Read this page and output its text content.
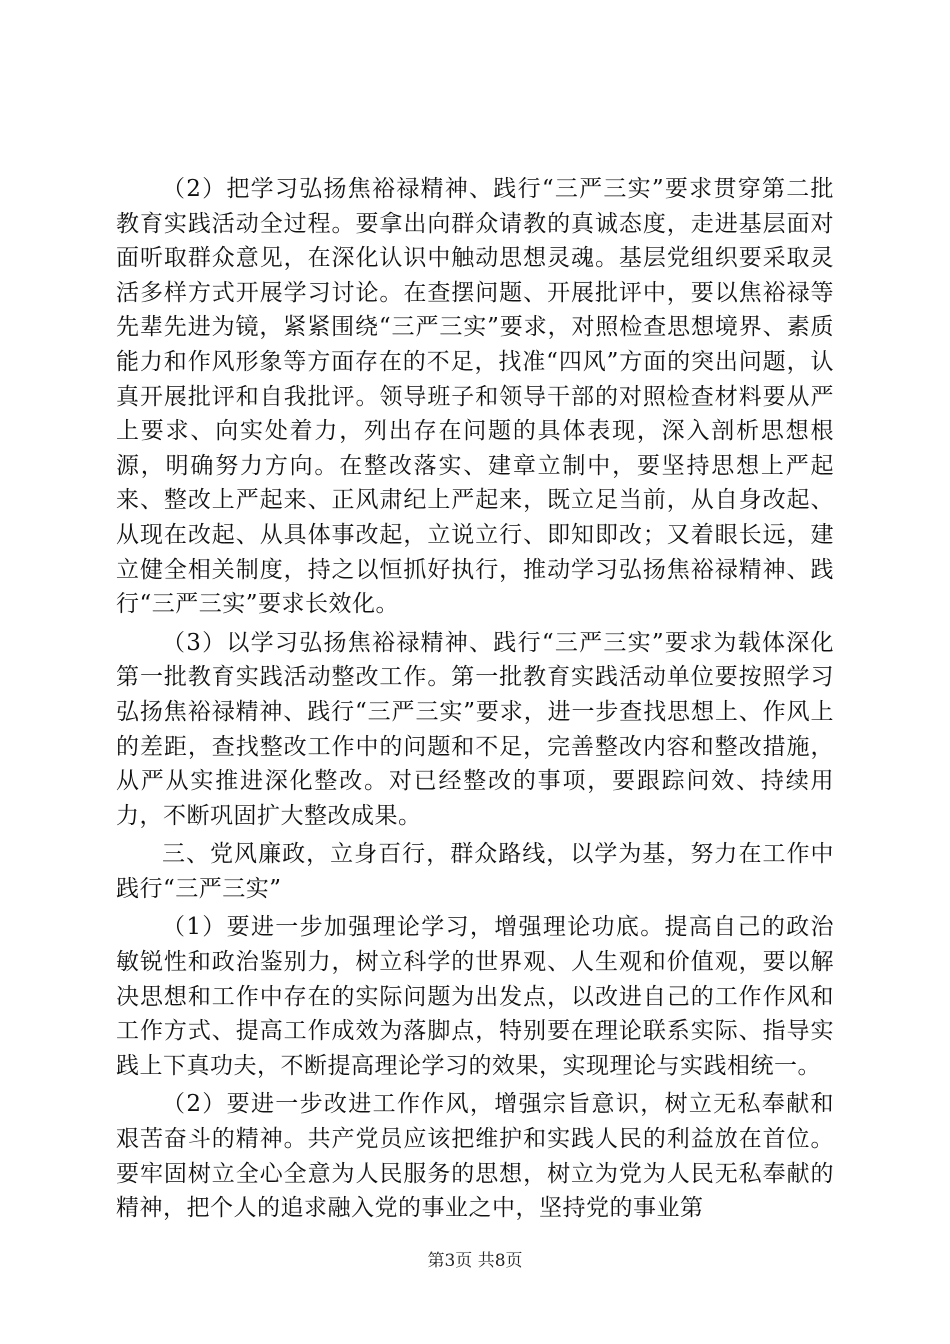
（2）把学习弘扬焦裕禄精神、践行“三严三实”要求贯穿第二批教育实践活动全过程。要拿出向群众请教的真诚态度，走进基层面对面听取群众意见，在深化认识中触动思想灵魂。基层党组织要采取灵活多样方式开展学习讨论。在查摆问题、开展批评中，要以焦裕禄等先辈先进为镜，紧紧围绕“三严三实”要求，对照检查思想境界、素质能力和作风形象等方面存在的不足，找准“四风”方面的突出问题，认真开展批评和自我批评。领导班子和领导干部的对照检查材料要从严上要求、向实处着力，列出存在问题的具体表现，深入剖析思想根源，明确努力方向。在整改落实、建章立制中，要坚持思想上严起来、整改上严起来、正风肃纪上严起来，既立足当前，从自身改起、从现在改起、从具体事改起，立说立行、即知即改；又着眼长远，建立健全相关制度，持之以恒抓好执行，推动学习弘扬焦裕禄精神、践行“三严三实”要求长效化。

（3）以学习弘扬焦裕禄精神、践行“三严三实”要求为载体深化第一批教育实践活动整改工作。第一批教育实践活动单位要按照学习弘扬焦裕禄精神、践行“三严三实”要求，进一步查找思想上、作风上的差距，查找整改工作中的问题和不足，完善整改内容和整改措施，从严从实推进深化整改。对已经整改的事项，要跟踪问效、持续用力，不断巩固扩大整改成果。

三、党风廉政，立身百行，群众路线，以学为基，努力在工作中践行“三严三实”

（1）要进一步加强理论学习，增强理论功底。提高自己的政治敏锐性和政治鉴别力，树立科学的世界观、人生观和价值观，要以解决思想和工作中存在的实际问题为出发点，以改进自己的工作作风和工作方式、提高工作成效为落脚点，特别要在理论联系实际、指导实践上下真功夫，不断提高理论学习的效果，实现理论与实践相统一。

（2）要进一步改进工作作风，增强宗旨意识，树立无私奉献和艰苦奋斗的精神。共产党员应该把维护和实践人民的利益放在首位。要牢固树立全心全意为人民服务的思想，树立为党为人民无私奉献的精神，把个人的追求融入党的事业之中，坚持党的事业第

第3页 共8页
